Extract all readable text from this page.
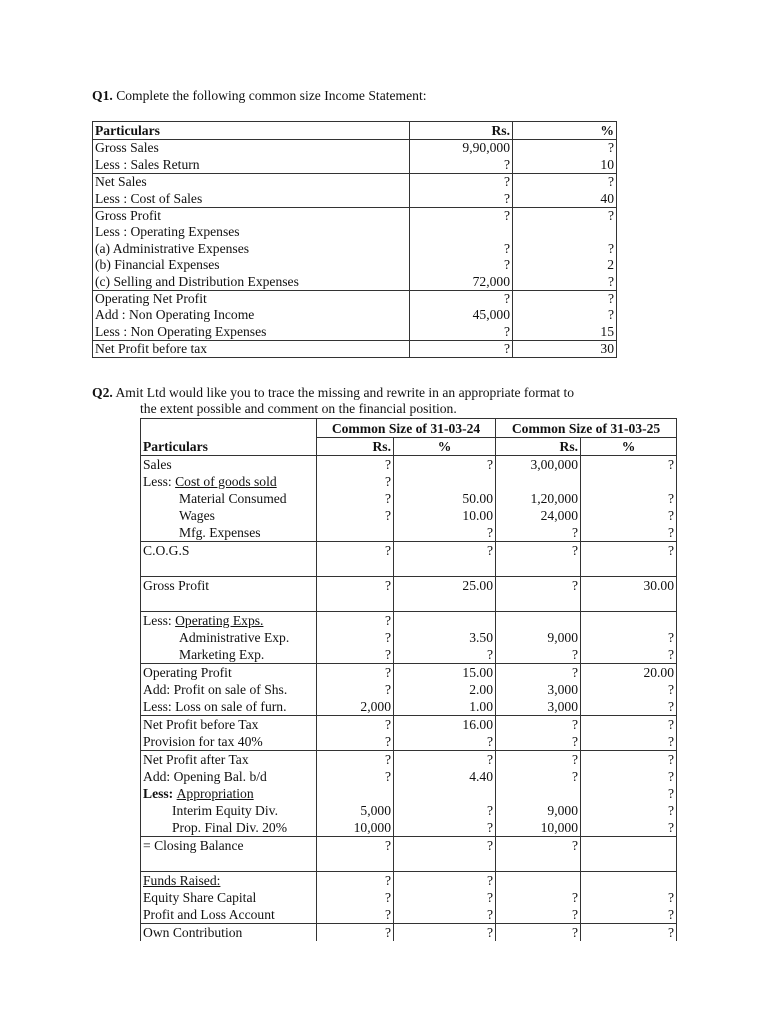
Q1. Complete the following common size Income Statement:
Particulars	Rs.	%
Gross Sales	9,90,000	?
Less : Sales Return	?	10
Net Sales	?	?
Less : Cost of Sales	?	40
Gross Profit	?	?
Less : Operating Expenses		
(a) Administrative Expenses	?	?
(b) Financial Expenses	?	2
(c) Selling and Distribution Expenses	72,000	?
Operating Net Profit	?	?
Add : Non Operating Income	45,000	?
Less : Non Operating Expenses	?	15
Net Profit before tax	?	30
Q2. Amit Ltd would like you to trace the missing and rewrite in an appropriate format to
the extent possible and comment on the financial position.
	Common Size of 31-03-24		Common Size of 31-03-25	
Particulars	Rs.	%	Rs.	%
Sales	?	?	3,00,000	?
Less: Cost of goods sold	?			
Material Consumed	?	50.00	1,20,000	?
Wages	?	10.00	24,000	?
Mfg. Expenses		?	?	?
C.O.G.S	?	?	?	?

Gross Profit	?	25.00	?	30.00

Less: Operating Exps.	?			
Administrative Exp.	?	3.50	9,000	?
Marketing Exp.	?	?	?	?
Operating Profit	?	15.00	?	20.00
Add: Profit on sale of Shs.	?	2.00	3,000	?
Less: Loss on sale of furn.	2,000	1.00	3,000	?
Net Profit before Tax	?	16.00	?	?
Provision for tax 40%	?	?	?	?
Net Profit after Tax	?	?	?	?
Add: Opening Bal. b/d	?	4.40	?	?
Less: Appropriation				?
Interim Equity Div.	5,000	?	9,000	?
Prop. Final Div. 20%	10,000	?	10,000	?
= Closing Balance	?	?	?	

Funds Raised:	?	?		
Equity Share Capital	?	?	?	?
Profit and Loss Account	?	?	?	?
Own Contribution	?	?	?	?
